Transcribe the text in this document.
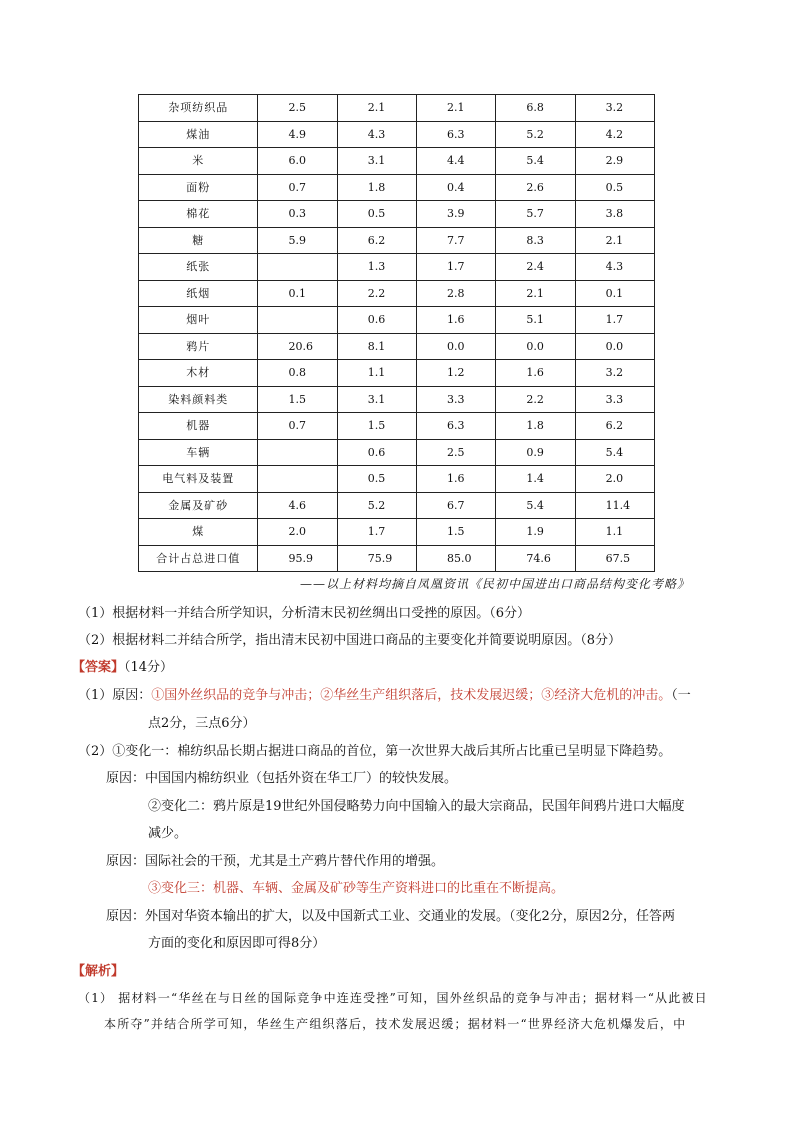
杂项纺织品	2.5	2.1	2.1	6.8	3.2
煤油	4.9	4.3	6.3	5.2	4.2
米	6.0	3.1	4.4	5.4	2.9
面粉	0.7	1.8	0.4	2.6	0.5
棉花	0.3	0.5	3.9	5.7	3.8
糖	5.9	6.2	7.7	8.3	2.1
纸张		1.3	1.7	2.4	4.3
纸烟	0.1	2.2	2.8	2.1	0.1
烟叶		0.6	1.6	5.1	1.7
鸦片	20.6	8.1	0.0	0.0	0.0
木材	0.8	1.1	1.2	1.6	3.2
染料颜料类	1.5	3.1	3.3	2.2	3.3
机器	0.7	1.5	6.3	1.8	6.2
车辆		0.6	2.5	0.9	5.4
电气料及装置		0.5	1.6	1.4	2.0
金属及矿砂	4.6	5.2	6.7	5.4	11.4
煤	2.0	1.7	1.5	1.9	1.1
合计占总进口值	95.9	75.9	85.0	74.6	67.5
——以上材料均摘自凤凰资讯《民初中国进出口商品结构变化考略》
（1）根据材料一并结合所学知识，分析清末民初丝绸出口受挫的原因。（6分）
（2）根据材料二并结合所学，指出清末民初中国进口商品的主要变化并简要说明原因。（8分）
【答案】（14分）
（1）原因：①国外丝织品的竞争与冲击；②华丝生产组织落后，技术发展迟缓；③经济大危机的冲击。（一
点2分，三点6分）
（2）①变化一：棉纺织品长期占据进口商品的首位，第一次世界大战后其所占比重已呈明显下降趋势。
原因：中国国内棉纺织业（包括外资在华工厂）的较快发展。
②变化二：鸦片原是19世纪外国侵略势力向中国输入的最大宗商品，民国年间鸦片进口大幅度
减少。
原因：国际社会的干预，尤其是土产鸦片替代作用的增强。
③变化三：机器、车辆、金属及矿砂等生产资料进口的比重在不断提高。
原因：外国对华资本输出的扩大，以及中国新式工业、交通业的发展。（变化2分，原因2分，任答两
方面的变化和原因即可得8分）
【解析】
（1） 据材料一“华丝在与日丝的国际竞争中连连受挫”可知，国外丝织品的竞争与冲击；据材料一“从此被日
本所夺”并结合所学可知，华丝生产组织落后，技术发展迟缓；据材料一“世界经济大危机爆发后，中
